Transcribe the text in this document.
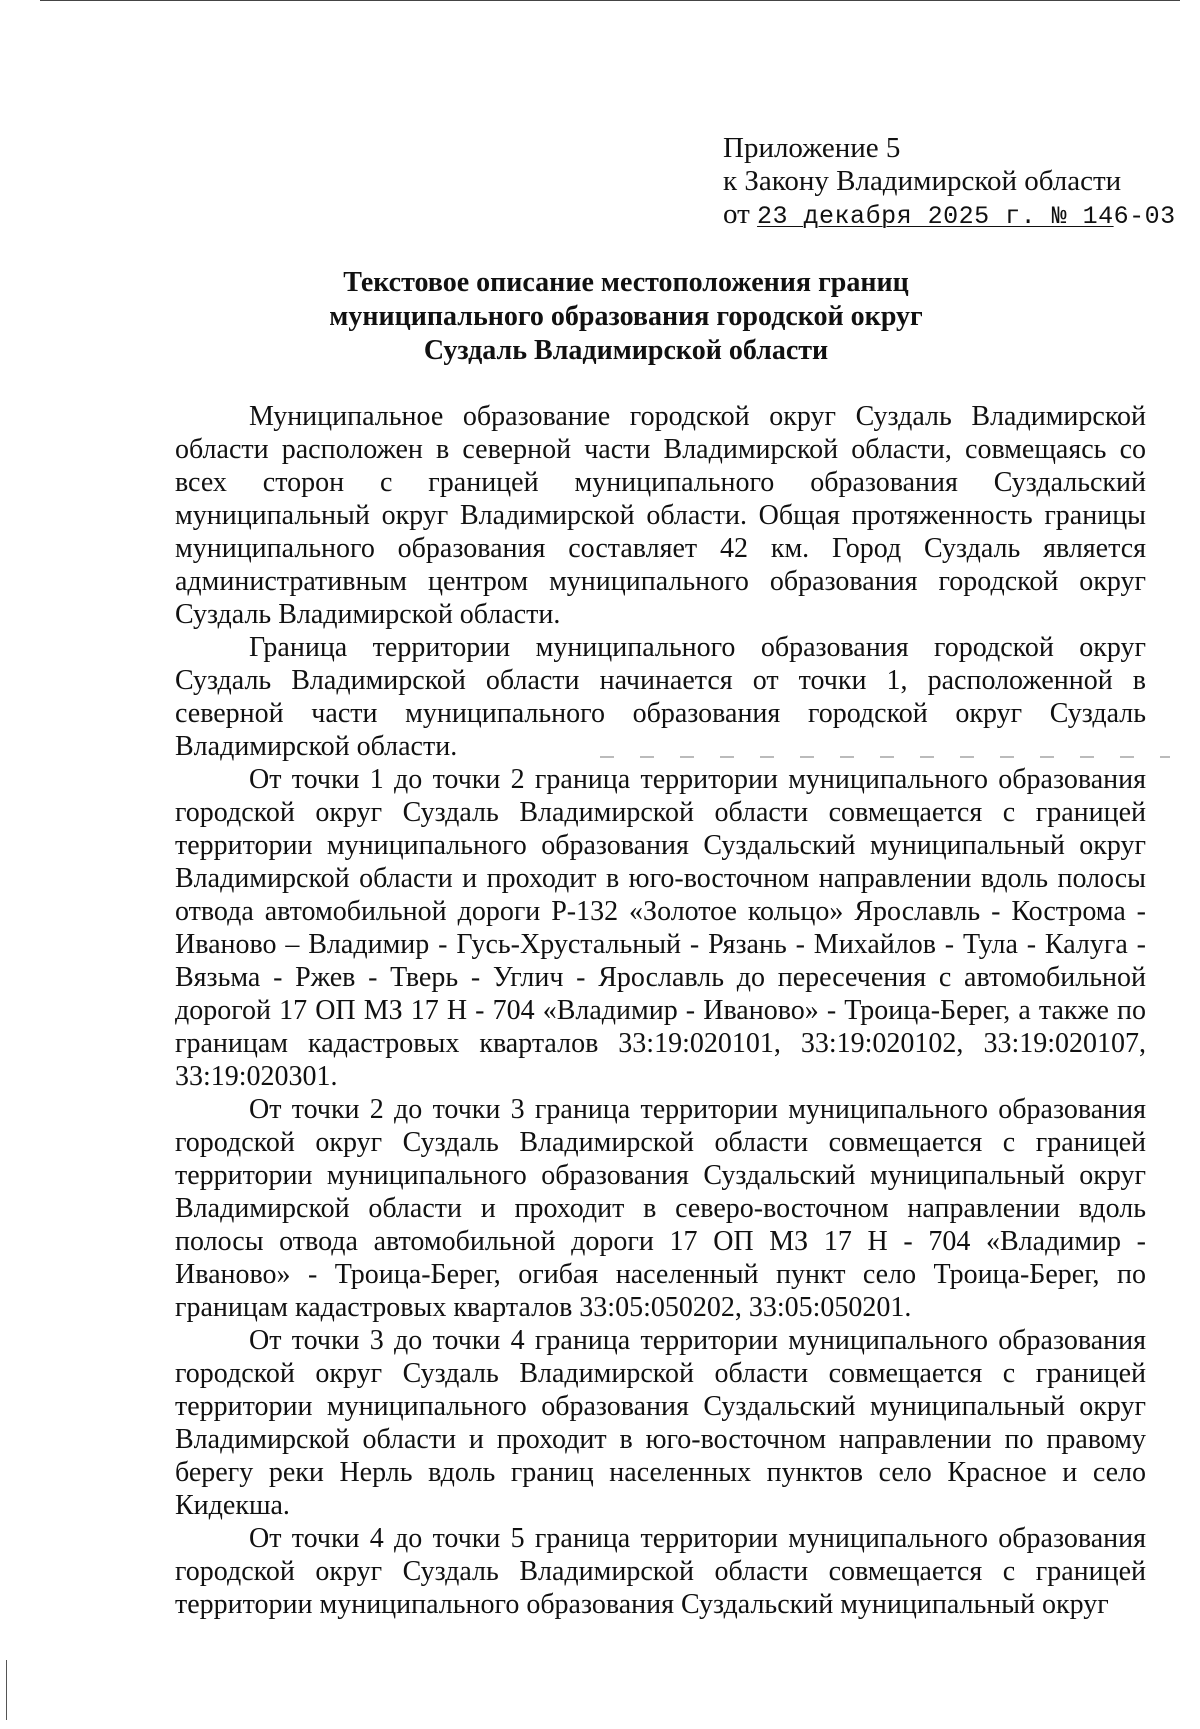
Приложение 5
к Закону Владимирской области
от 23 декабря 2025 г. № 146-03
Текстовое описание местоположения границ
муниципального образования городской округ
Суздаль Владимирской области

Муниципальное образование городской округ Суздаль Владимирской области расположен в северной части Владимирской области, совмещаясь со всех сторон с границей муниципального образования Суздальский муниципальный округ Владимирской области. Общая протяженность границы муниципального образования составляет 42 км. Город Суздаль является административным центром муниципального образования городской округ Суздаль Владимирской области.

Граница территории муниципального образования городской округ Суздаль Владимирской области начинается от точки 1, расположенной в северной части муниципального образования городской округ Суздаль Владимирской области.

От точки 1 до точки 2 граница территории муниципального образования городской округ Суздаль Владимирской области совмещается с границей территории муниципального образования Суздальский муниципальный округ Владимирской области и проходит в юго-восточном направлении вдоль полосы отвода автомобильной дороги Р-132 «Золотое кольцо» Ярославль - Кострома - Иваново – Владимир - Гусь-Хрустальный - Рязань - Михайлов - Тула - Калуга - Вязьма - Ржев - Тверь - Углич - Ярославль до пересечения с автомобильной дорогой 17 ОП МЗ 17 Н - 704 «Владимир - Иваново» - Троица-Берег, а также по границам кадастровых кварталов 33:19:020101, 33:19:020102, 33:19:020107, 33:19:020301.

От точки 2 до точки 3 граница территории муниципального образования городской округ Суздаль Владимирской области совмещается с границей территории муниципального образования Суздальский муниципальный округ Владимирской области и проходит в северо-восточном направлении вдоль полосы отвода автомобильной дороги 17 ОП МЗ 17 Н - 704 «Владимир - Иваново» - Троица-Берег, огибая населенный пункт село Троица-Берег, по границам кадастровых кварталов 33:05:050202, 33:05:050201.

От точки 3 до точки 4 граница территории муниципального образования городской округ Суздаль Владимирской области совмещается с границей территории муниципального образования Суздальский муниципальный округ Владимирской области и проходит в юго-восточном направлении по правому берегу реки Нерль вдоль границ населенных пунктов село Красное и село Кидекша.

От точки 4 до точки 5 граница территории муниципального образования городской округ Суздаль Владимирской области совмещается с границей территории муниципального образования Суздальский муниципальный округ
